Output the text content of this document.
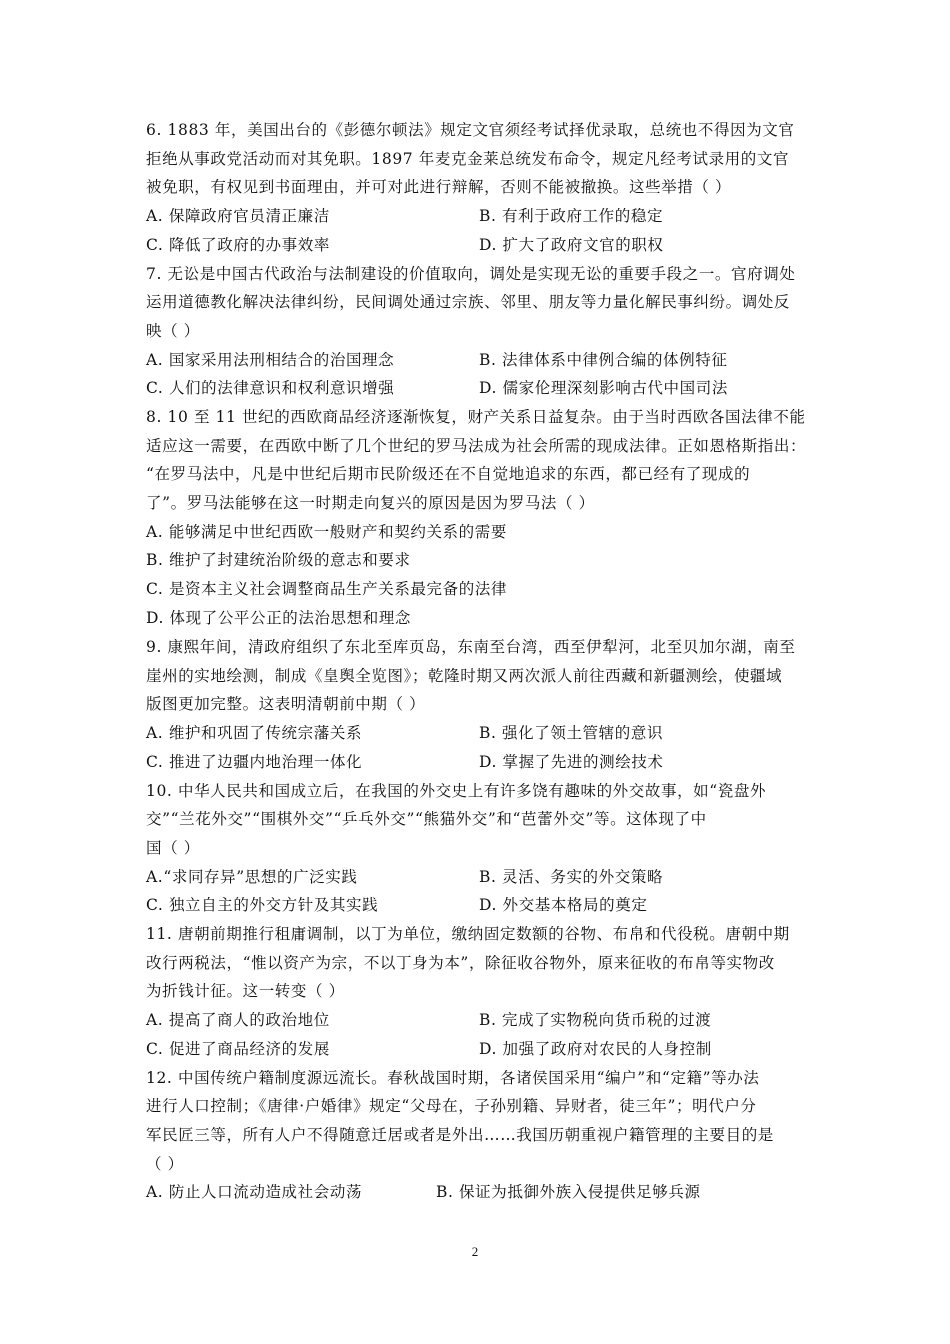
6. 1883 年，美国出台的《彭德尔顿法》规定文官须经考试择优录取，总统也不得因为文官
拒绝从事政党活动而对其免职。1897 年麦克金莱总统发布命令，规定凡经考试录用的文官
被免职，有权见到书面理由，并可对此进行辩解，否则不能被撤换。这些举措（ ）
A. 保障政府官员清正廉洁	B. 有利于政府工作的稳定
C. 降低了政府的办事效率	D. 扩大了政府文官的职权
7. 无讼是中国古代政治与法制建设的价值取向，调处是实现无讼的重要手段之一。官府调处
运用道德教化解决法律纠纷，民间调处通过宗族、邻里、朋友等力量化解民事纠纷。调处反
映（ ）
A. 国家采用法刑相结合的治国理念	B. 法律体系中律例合编的体例特征
C. 人们的法律意识和权利意识增强	D. 儒家伦理深刻影响古代中国司法
8. 10 至 11 世纪的西欧商品经济逐渐恢复，财产关系日益复杂。由于当时西欧各国法律不能
适应这一需要，在西欧中断了几个世纪的罗马法成为社会所需的现成法律。正如恩格斯指出：
“在罗马法中，凡是中世纪后期市民阶级还在不自觉地追求的东西，都已经有了现成的
了”。罗马法能够在这一时期走向复兴的原因是因为罗马法（ ）
A. 能够满足中世纪西欧一般财产和契约关系的需要
B. 维护了封建统治阶级的意志和要求
C. 是资本主义社会调整商品生产关系最完备的法律
D. 体现了公平公正的法治思想和理念
9. 康熙年间，清政府组织了东北至库页岛，东南至台湾，西至伊犁河，北至贝加尔湖，南至
崖州的实地绘测，制成《皇舆全览图》；乾隆时期又两次派人前往西藏和新疆测绘，使疆域
版图更加完整。这表明清朝前中期（ ）
A. 维护和巩固了传统宗藩关系	B. 强化了领土管辖的意识
C. 推进了边疆内地治理一体化	D. 掌握了先进的测绘技术
10. 中华人民共和国成立后，在我国的外交史上有许多饶有趣味的外交故事，如“瓷盘外
交”“兰花外交”“围棋外交”“乒乓外交”“熊猫外交”和“芭蕾外交”等。这体现了中
国（ ）
A.“求同存异”思想的广泛实践	B. 灵活、务实的外交策略
C. 独立自主的外交方针及其实践	D. 外交基本格局的奠定
11. 唐朝前期推行租庸调制，以丁为单位，缴纳固定数额的谷物、布帛和代役税。唐朝中期
改行两税法，“惟以资产为宗，不以丁身为本”，除征收谷物外，原来征收的布帛等实物改
为折钱计征。这一转变（ ）
A. 提高了商人的政治地位	B. 完成了实物税向货币税的过渡
C. 促进了商品经济的发展	D. 加强了政府对农民的人身控制
12. 中国传统户籍制度源远流长。春秋战国时期，各诸侯国采用“编户”和“定籍”等办法
进行人口控制；《唐律·户婚律》规定“父母在，子孙别籍、异财者，徒三年”；明代户分
军民匠三等，所有人户不得随意迁居或者是外出……我国历朝重视户籍管理的主要目的是
（ ）
A. 防止人口流动造成社会动荡	B. 保证为抵御外族入侵提供足够兵源
2
